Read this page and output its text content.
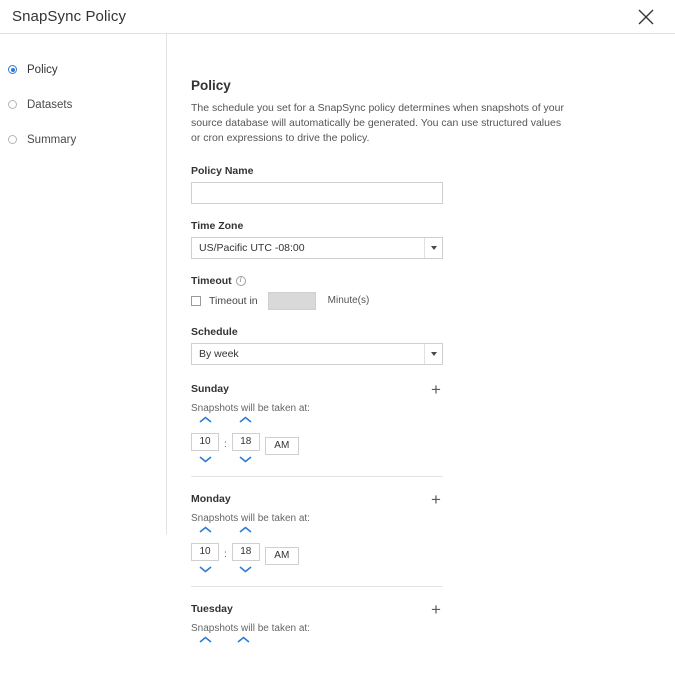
SnapSync Policy
Policy
Datasets
Summary
Policy

The schedule you set for a SnapSync policy determines when snapshots of your source database will automatically be generated. You can use structured values or cron expressions to drive the policy.

Policy Name
Time Zone
US/Pacific UTC -08:00
Timeout	i
Timeout in	Minute(s)
Schedule
By week
Sunday	+
Snapshots will be taken at:
10	:	18	AM
Monday	+
Snapshots will be taken at:
10	:	18	AM
Tuesday	+
Snapshots will be taken at:
